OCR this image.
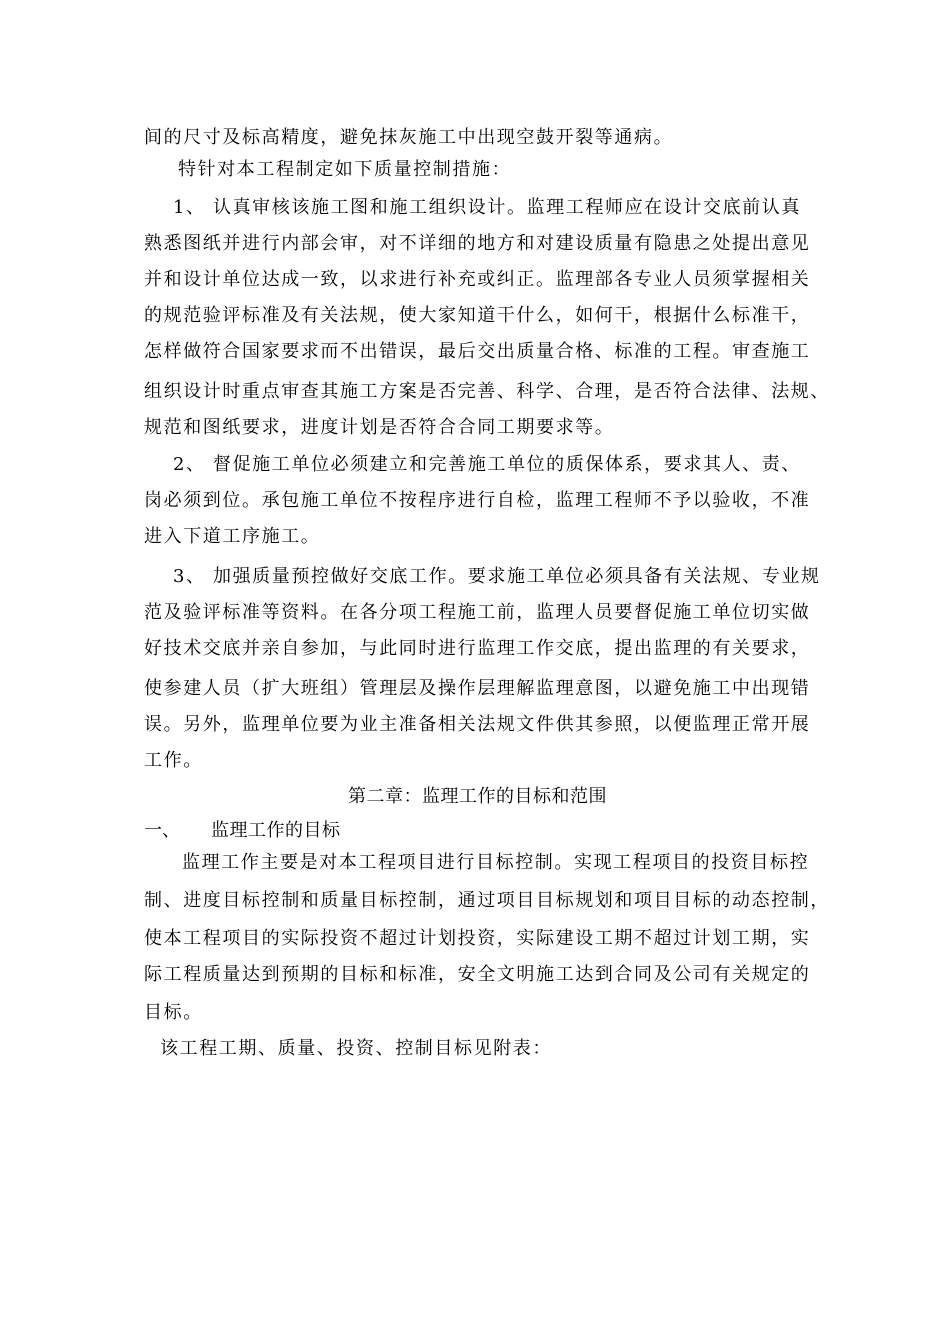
间的尺寸及标高精度，避免抹灰施工中出现空鼓开裂等通病。
特针对本工程制定如下质量控制措施：
1、 认真审核该施工图和施工组织设计。监理工程师应在设计交底前认真
熟悉图纸并进行内部会审，对不详细的地方和对建设质量有隐患之处提出意见
并和设计单位达成一致，以求进行补充或纠正。监理部各专业人员须掌握相关
的规范验评标准及有关法规，使大家知道干什么，如何干，根据什么标准干，
怎样做符合国家要求而不出错误，最后交出质量合格、标准的工程。审查施工
组织设计时重点审查其施工方案是否完善、科学、合理，是否符合法律、法规、
规范和图纸要求，进度计划是否符合合同工期要求等。
2、 督促施工单位必须建立和完善施工单位的质保体系，要求其人、责、
岗必须到位。承包施工单位不按程序进行自检，监理工程师不予以验收，不准
进入下道工序施工。
3、 加强质量预控做好交底工作。要求施工单位必须具备有关法规、专业规
范及验评标准等资料。在各分项工程施工前，监理人员要督促施工单位切实做
好技术交底并亲自参加，与此同时进行监理工作交底，提出监理的有关要求，
使参建人员（扩大班组）管理层及操作层理解监理意图，以避免施工中出现错
误。另外，监理单位要为业主准备相关法规文件供其参照，以便监理正常开展
工作。
第二章：监理工作的目标和范围
一、 监理工作的目标
监理工作主要是对本工程项目进行目标控制。实现工程项目的投资目标控
制、进度目标控制和质量目标控制，通过项目目标规划和项目目标的动态控制，
使本工程项目的实际投资不超过计划投资，实际建设工期不超过计划工期，实
际工程质量达到预期的目标和标准，安全文明施工达到合同及公司有关规定的
目标。
该工程工期、质量、投资、控制目标见附表：
